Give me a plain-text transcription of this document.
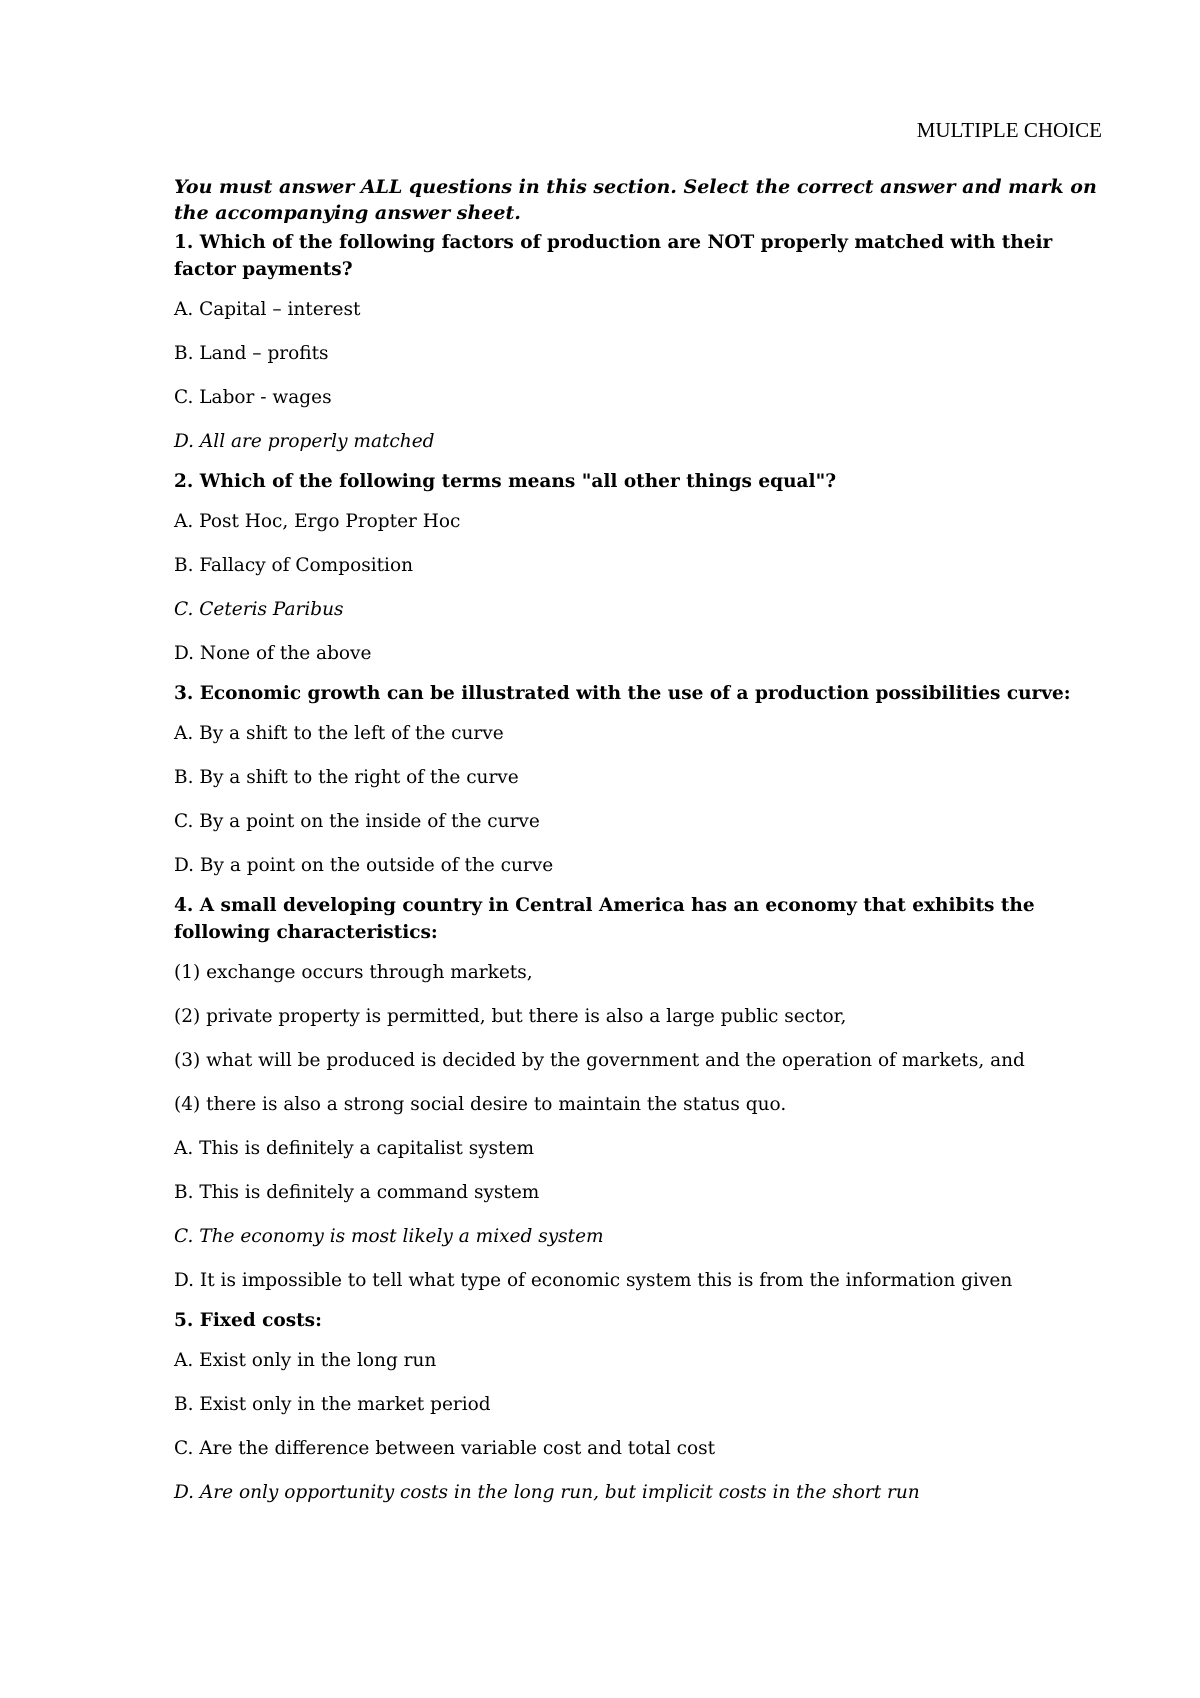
MULTIPLE CHOICE

You must answer ALL questions in this section. Select the correct answer and mark on the accompanying answer sheet.

1. Which of the following factors of production are NOT properly matched with their factor payments?

A. Capital – interest

B. Land – profits

C. Labor - wages

D. All are properly matched

2. Which of the following terms means "all other things equal"?

A. Post Hoc, Ergo Propter Hoc

B. Fallacy of Composition

C. Ceteris Paribus

D. None of the above

3. Economic growth can be illustrated with the use of a production possibilities curve:

A. By a shift to the left of the curve

B. By a shift to the right of the curve

C. By a point on the inside of the curve

D. By a point on the outside of the curve

4. A small developing country in Central America has an economy that exhibits the following characteristics:

(1) exchange occurs through markets,

(2) private property is permitted, but there is also a large public sector,

(3) what will be produced is decided by the government and the operation of markets, and

(4) there is also a strong social desire to maintain the status quo.

A. This is definitely a capitalist system

B. This is definitely a command system

C. The economy is most likely a mixed system

D. It is impossible to tell what type of economic system this is from the information given

5. Fixed costs:

A. Exist only in the long run

B. Exist only in the market period

C. Are the difference between variable cost and total cost

D. Are only opportunity costs in the long run, but implicit costs in the short run
